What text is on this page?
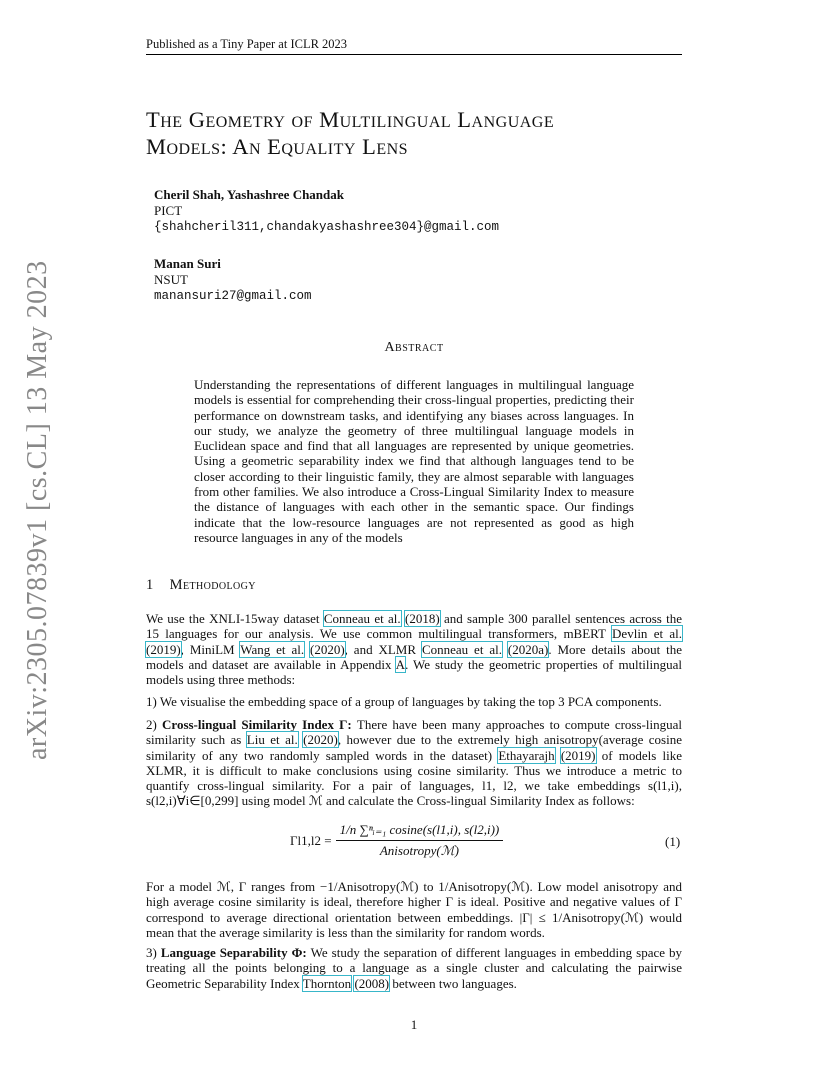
Published as a Tiny Paper at ICLR 2023
arXiv:2305.07839v1 [cs.CL] 13 May 2023
The Geometry of Multilingual Language
Models: An Equality Lens
Cheril Shah, Yashashree Chandak
PICT
{shahcheril311,chandakyashashree304}@gmail.com
Manan Suri
NSUT
manansuri27@gmail.com
Abstract
Understanding the representations of different languages in multilingual language models is essential for comprehending their cross-lingual properties, predicting their performance on downstream tasks, and identifying any biases across languages. In our study, we analyze the geometry of three multilingual language models in Euclidean space and find that all languages are represented by unique geometries. Using a geometric separability index we find that although languages tend to be closer according to their linguistic family, they are almost separable with languages from other families. We also introduce a Cross-Lingual Similarity Index to measure the distance of languages with each other in the semantic space. Our findings indicate that the low-resource languages are not represented as good as high resource languages in any of the models
1 Methodology
We use the XNLI-15way dataset Conneau et al. (2018) and sample 300 parallel sentences across the 15 languages for our analysis. We use common multilingual transformers, mBERT Devlin et al. (2019), MiniLM Wang et al. (2020), and XLMR Conneau et al. (2020a). More details about the models and dataset are available in Appendix A. We study the geometric properties of multilingual models using three methods:
1) We visualise the embedding space of a group of languages by taking the top 3 PCA components.
2) Cross-lingual Similarity Index Γ: There have been many approaches to compute cross-lingual similarity such as Liu et al. (2020), however due to the extremely high anisotropy(average cosine similarity of any two randomly sampled words in the dataset) Ethayarajh (2019) of models like XLMR, it is difficult to make conclusions using cosine similarity. Thus we introduce a metric to quantify cross-lingual similarity. For a pair of languages, l1, l2, we take embeddings s(l1,i), s(l2,i)∀i∈[0,299] using model ℳ and calculate the Cross-lingual Similarity Index as follows:
$\Gamma l1,l2 = \frac{\text{1/n ∑ⁿᵢ₌₁ cosine(s(l1,i), s(l2,i))}}{\text{Anisotropy(ℳ)}}$	(1)
For a model ℳ, Γ ranges from −1/Anisotropy(ℳ) to 1/Anisotropy(ℳ). Low model anisotropy and high average cosine similarity is ideal, therefore higher Γ is ideal. Positive and negative values of Γ correspond to average directional orientation between embeddings. |Γ| ≤ 1/Anisotropy(ℳ) would mean that the average similarity is less than the similarity for random words.
3) Language Separability Φ: We study the separation of different languages in embedding space by treating all the points belonging to a language as a single cluster and calculating the pairwise Geometric Separability Index Thornton (2008) between two languages.
1
